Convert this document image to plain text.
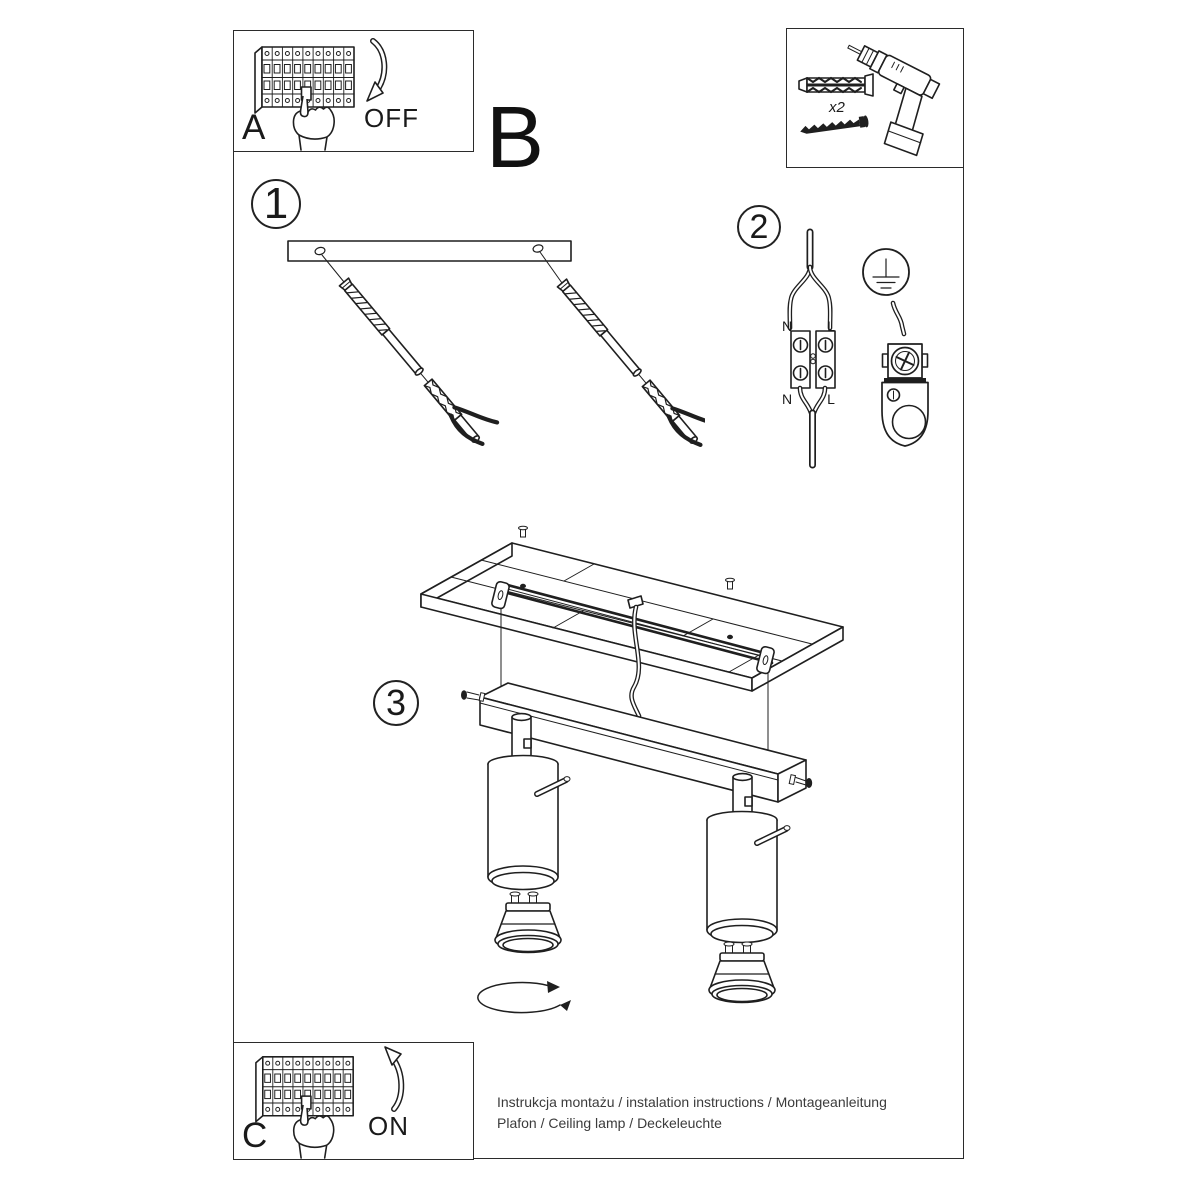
OFF
A	B	x2
1	2
N	L
N	L
3
ON
C
Instrukcja montażu / instalation instructions / Montageanleitung
Plafon / Ceiling lamp / Deckeleuchte
